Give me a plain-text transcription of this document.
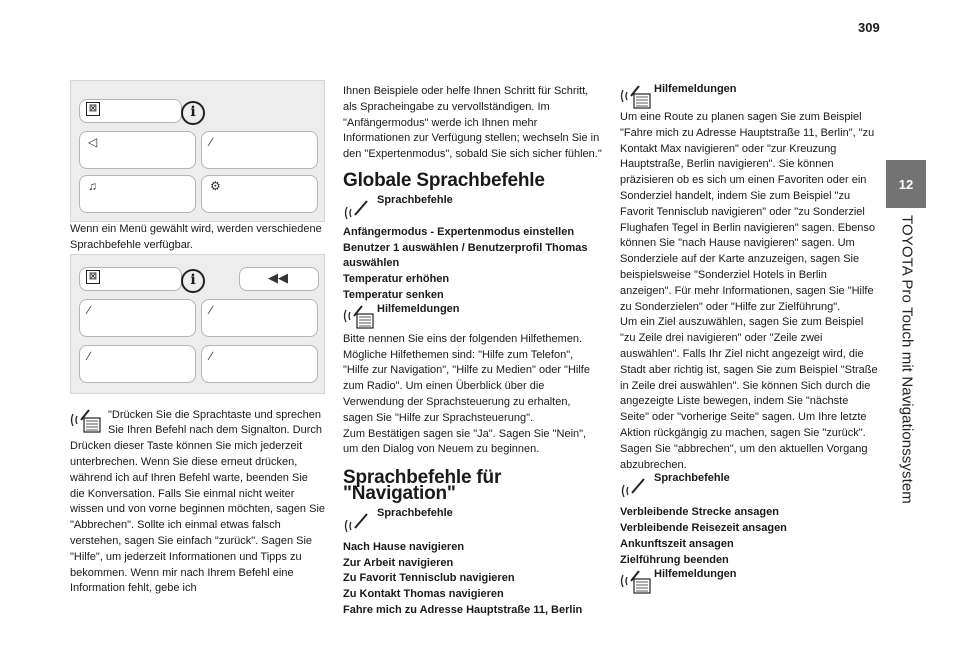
309
12
TOYOTA Pro Touch mit Navigationssystem
⊠	i
◁	∕
♫	⚙

Wenn ein Menü gewählt wird, werden verschiedene Sprachbefehle verfügbar.

⊠	i	◀◀
∕	∕
∕	∕

"Drücken Sie die Sprachtaste und sprechen Sie Ihren Befehl nach dem Signalton. Durch Drücken dieser Taste können Sie mich jederzeit unterbrechen. Wenn Sie diese erneut drücken, während ich auf Ihren Befehl warte, beenden Sie die Konversation. Falls Sie einmal nicht weiter wissen und von vorne beginnen möchten, sagen Sie "Abbrechen". Sollte ich einmal etwas falsch verstehen, sagen Sie einfach "zurück". Sagen Sie "Hilfe", um jederzeit Informationen und Tipps zu bekommen. Wenn mir nach Ihrem Befehl eine Information fehlt, gebe ich

Ihnen Beispiele oder helfe Ihnen Schritt für Schritt, als Spracheingabe zu vervollständigen. Im "Anfängermodus" werde ich Ihnen mehr Informationen zur Verfügung stellen; wechseln Sie in den "Expertenmodus", sobald Sie sich sicher fühlen."

Globale Sprachbefehle
Sprachbefehle

Anfängermodus - Expertenmodus einstellen

Benutzer 1 auswählen / Benutzerprofil Thomas auswählen

Temperatur erhöhen

Temperatur senken

Hilfemeldungen

Bitte nennen Sie eins der folgenden Hilfethemen. Mögliche Hilfethemen sind: "Hilfe zum Telefon", "Hilfe zur Navigation", "Hilfe zu Medien" oder "Hilfe zum Radio". Um einen Überblick über die Verwendung der Sprachsteuerung zu erhalten, sagen Sie "Hilfe zur Sprachsteuerung".

Zum Bestätigen sagen sie "Ja". Sagen Sie "Nein", um den Dialog von Neuem zu beginnen.

Sprachbefehle für "Navigation"
Sprachbefehle

Nach Hause navigieren

Zur Arbeit navigieren

Zu Favorit Tennisclub navigieren

Zu Kontakt Thomas navigieren

Fahre mich zu Adresse Hauptstraße 11, Berlin

Hilfemeldungen

Um eine Route zu planen sagen Sie zum Beispiel "Fahre mich zu Adresse Hauptstraße 11, Berlin", "zu Kontakt Max navigieren" oder "zur Kreuzung Hauptstraße, Berlin navigieren". Sie können präzisieren ob es sich um einen Favoriten oder ein Sonderziel handelt, indem Sie zum Beispiel "zu Favorit Tennisclub navigieren" oder "zu Sonderziel Flughafen Tegel in Berlin navigieren" sagen. Ebenso können Sie "nach Hause navigieren" sagen. Um Sonderziele auf der Karte anzuzeigen, sagen Sie beispielsweise "Sonderziel Hotels in Berlin anzeigen". Für mehr Informationen, sagen Sie "Hilfe zu Sonderzielen" oder "Hilfe zur Zielführung".

Um ein Ziel auszuwählen, sagen Sie zum Beispiel "zu Zeile drei navigieren" oder "Zeile zwei auswählen". Falls Ihr Ziel nicht angezeigt wird, die Stadt aber richtig ist, sagen Sie zum Beispiel "Straße in Zeile drei auswählen". Sie können Sich durch die angezeigte Liste bewegen, indem Sie "nächste Seite" oder "vorherige Seite" sagen. Um Ihre letzte Aktion rückgängig zu machen, sagen Sie "zurück". Sagen Sie "abbrechen", um den aktuellen Vorgang abzubrechen.

Sprachbefehle

Verbleibende Strecke ansagen

Verbleibende Reisezeit ansagen

Ankunftszeit ansagen

Zielführung beenden

Hilfemeldungen
